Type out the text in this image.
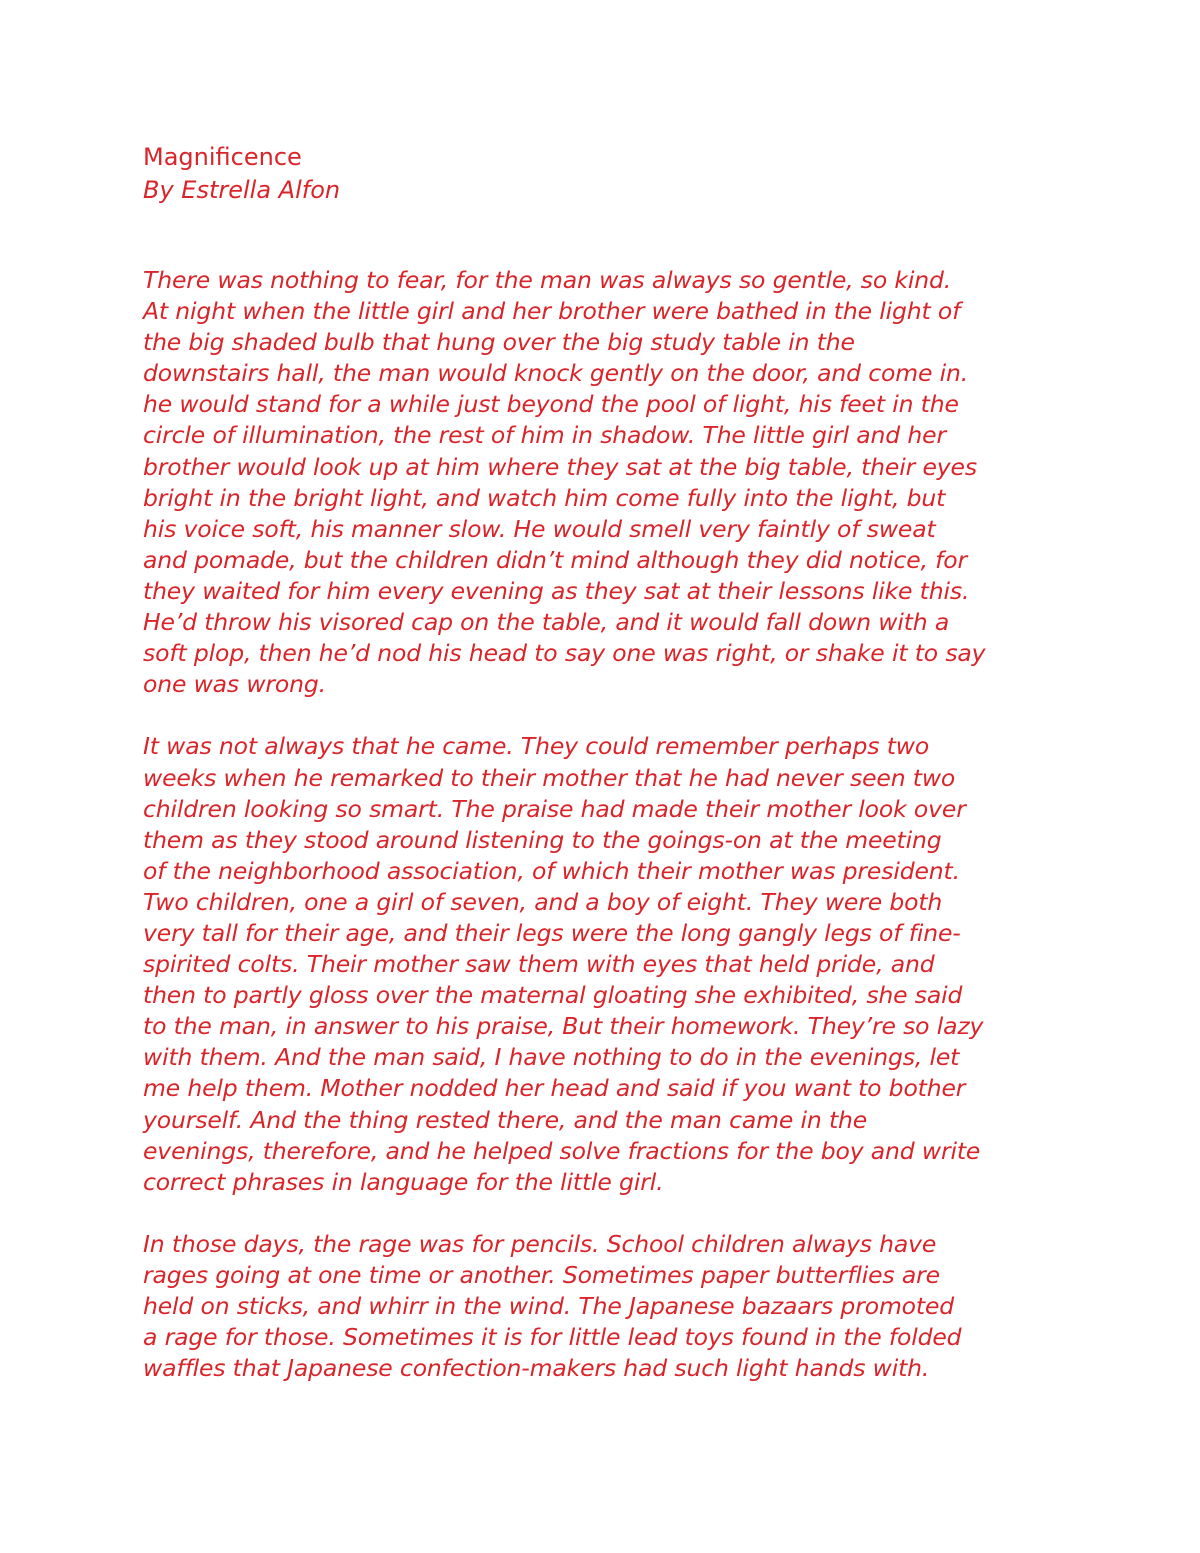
Magnificence
By Estrella Alfon
There was nothing to fear, for the man was always so gentle, so kind.
At night when the little girl and her brother were bathed in the light of
the big shaded bulb that hung over the big study table in the
downstairs hall, the man would knock gently on the door, and come in.
he would stand for a while just beyond the pool of light, his feet in the
circle of illumination, the rest of him in shadow. The little girl and her
brother would look up at him where they sat at the big table, their eyes
bright in the bright light, and watch him come fully into the light, but
his voice soft, his manner slow. He would smell very faintly of sweat
and pomade, but the children didn’t mind although they did notice, for
they waited for him every evening as they sat at their lessons like this.
He’d throw his visored cap on the table, and it would fall down with a
soft plop, then he’d nod his head to say one was right, or shake it to say
one was wrong.
It was not always that he came. They could remember perhaps two
weeks when he remarked to their mother that he had never seen two
children looking so smart. The praise had made their mother look over
them as they stood around listening to the goings-on at the meeting
of the neighborhood association, of which their mother was president.
Two children, one a girl of seven, and a boy of eight. They were both
very tall for their age, and their legs were the long gangly legs of fine-
spirited colts. Their mother saw them with eyes that held pride, and
then to partly gloss over the maternal gloating she exhibited, she said
to the man, in answer to his praise, But their homework. They’re so lazy
with them. And the man said, I have nothing to do in the evenings, let
me help them. Mother nodded her head and said if you want to bother
yourself. And the thing rested there, and the man came in the
evenings, therefore, and he helped solve fractions for the boy and write
correct phrases in language for the little girl.
In those days, the rage was for pencils. School children always have
rages going at one time or another. Sometimes paper butterflies are
held on sticks, and whirr in the wind. The Japanese bazaars promoted
a rage for those. Sometimes it is for little lead toys found in the folded
waffles that Japanese confection-makers had such light hands with.
